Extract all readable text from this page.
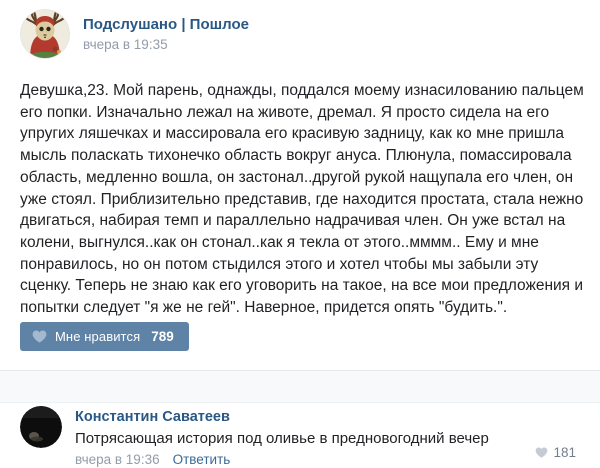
Подслушано | Пошлое
вчера в 19:35
Девушка,23. Мой парень, однажды, поддался моему изнасилованию пальцем его попки. Изначально лежал на животе, дремал. Я просто сидела на его упругих ляшечках и массировала его красивую задницу, как ко мне пришла мысль поласкать тихонечко область вокруг ануса. Плюнула, помассировала область, медленно вошла, он застонал..другой рукой нащупала его член, он уже стоял. Приблизительно представив, где находится простата, стала нежно двигаться, набирая темп и параллельно надрачивая член. Он уже встал на колени, выгнулся..как он стонал..как я текла от этого..мммм.. Ему и мне понравилось, но он потом стыдился этого и хотел чтобы мы забыли эту сценку. Теперь не знаю как его уговорить на такое, на все мои предложения и попытки следует "я же не гей". Наверное, придется опять "будить.".
Мне нравится 789
Константин Саватеев
Потрясающая история под оливье в предновогодний вечер
вчера в 19:36 Ответить	181
